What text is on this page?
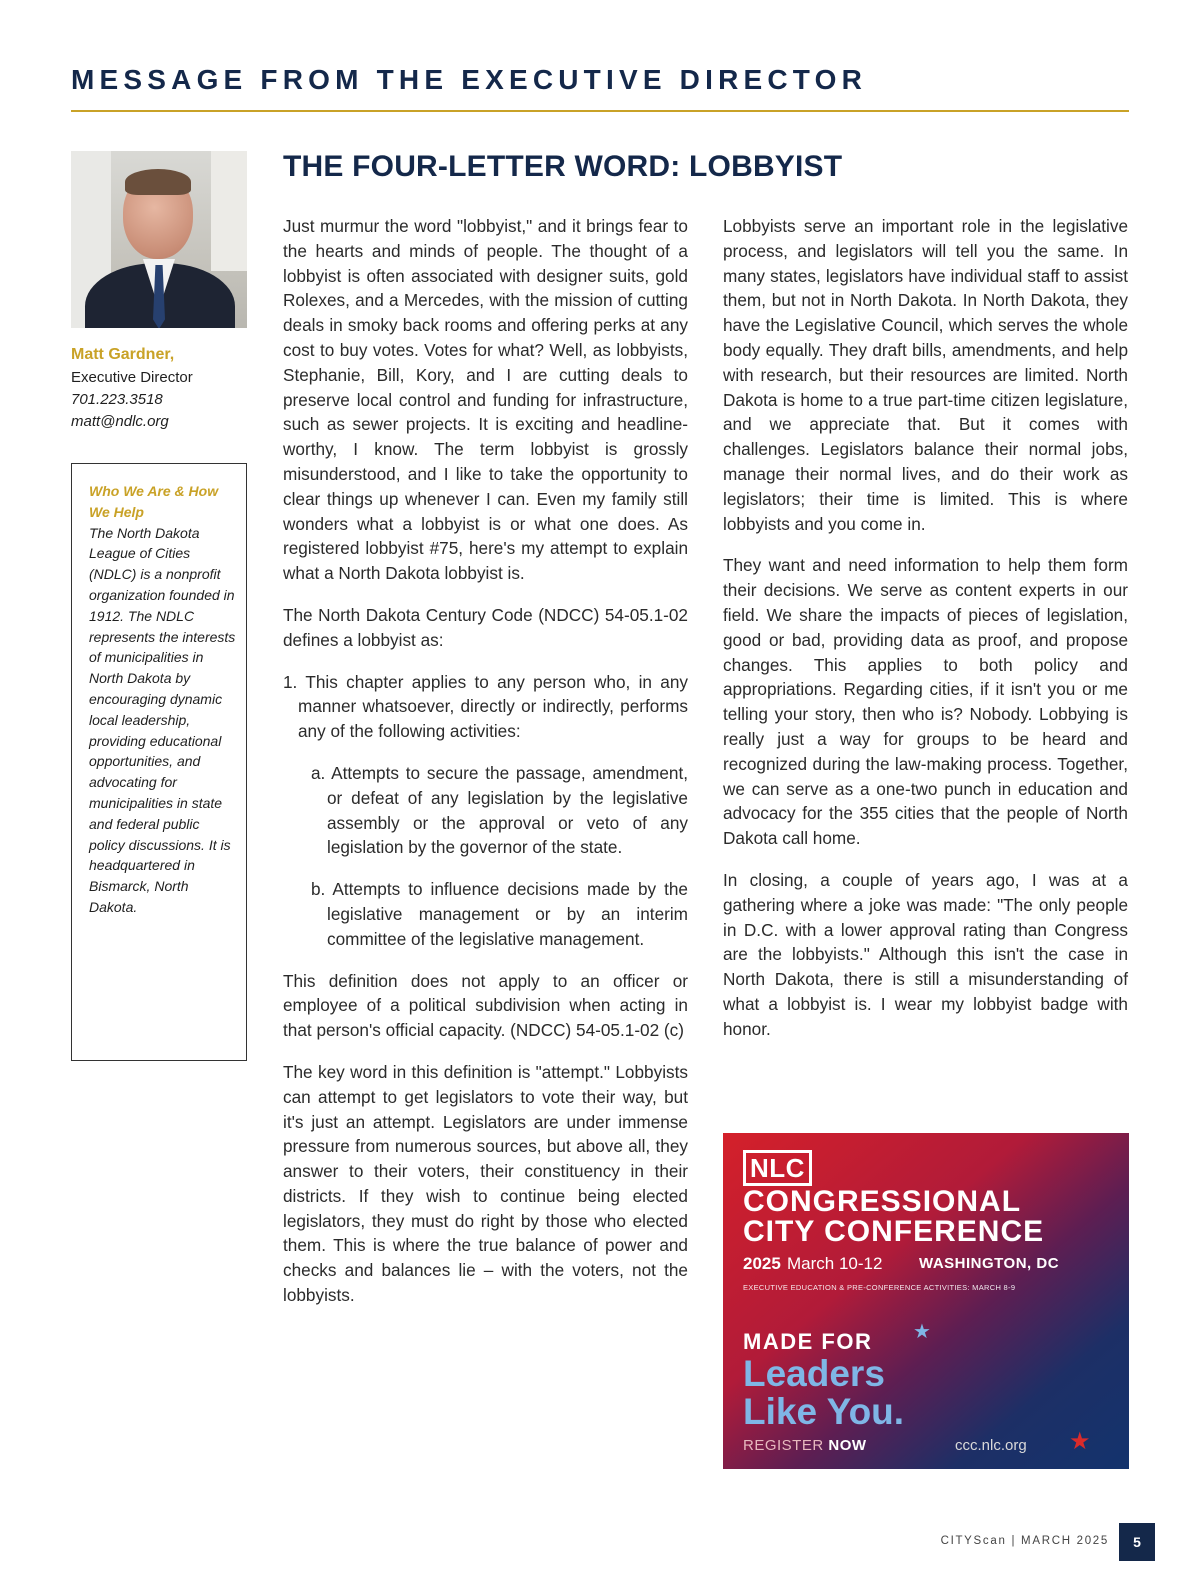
MESSAGE FROM THE EXECUTIVE DIRECTOR
Matt Gardner,
Executive Director
701.223.3518
matt@ndlc.org
Who We Are & How We Help
The North Dakota League of Cities (NDLC) is a nonprofit organization founded in 1912. The NDLC represents the interests of municipalities in North Dakota by encouraging dynamic local leadership, providing educational opportunities, and advocating for municipalities in state and federal public policy discussions. It is headquartered in Bismarck, North Dakota.
THE FOUR-LETTER WORD: LOBBYIST

Just murmur the word "lobbyist," and it brings fear to the hearts and minds of people. The thought of a lobbyist is often associated with designer suits, gold Rolexes, and a Mercedes, with the mission of cutting deals in smoky back rooms and offering perks at any cost to buy votes. Votes for what? Well, as lobbyists, Stephanie, Bill, Kory, and I are cutting deals to preserve local control and funding for infrastructure, such as sewer projects. It is exciting and headline-worthy, I know. The term lobbyist is grossly misunderstood, and I like to take the opportunity to clear things up whenever I can. Even my family still wonders what a lobbyist is or what one does. As registered lobbyist #75, here's my attempt to explain what a North Dakota lobbyist is.

The North Dakota Century Code (NDCC) 54-05.1-02 defines a lobbyist as:

1. This chapter applies to any person who, in any manner whatsoever, directly or indirectly, performs any of the following activities:
a. Attempts to secure the passage, amendment, or defeat of any legislation by the legislative assembly or the approval or veto of any legislation by the governor of the state.
b. Attempts to influence decisions made by the legislative management or by an interim committee of the legislative management.

This definition does not apply to an officer or employee of a political subdivision when acting in that person's official capacity. (NDCC) 54-05.1-02 (c)

The key word in this definition is "attempt." Lobbyists can attempt to get legislators to vote their way, but it's just an attempt. Legislators are under immense pressure from numerous sources, but above all, they answer to their voters, their constituency in their districts. If they wish to continue being elected legislators, they must do right by those who elected them. This is where the true balance of power and checks and balances lie – with the voters, not the lobbyists.

Lobbyists serve an important role in the legislative process, and legislators will tell you the same. In many states, legislators have individual staff to assist them, but not in North Dakota. In North Dakota, they have the Legislative Council, which serves the whole body equally. They draft bills, amendments, and help with research, but their resources are limited. North Dakota is home to a true part-time citizen legislature, and we appreciate that. But it comes with challenges. Legislators balance their normal jobs, manage their normal lives, and do their work as legislators; their time is limited. This is where lobbyists and you come in.

They want and need information to help them form their decisions. We serve as content experts in our field. We share the impacts of pieces of legislation, good or bad, providing data as proof, and propose changes. This applies to both policy and appropriations. Regarding cities, if it isn't you or me telling your story, then who is? Nobody. Lobbying is really just a way for groups to be heard and recognized during the law-making process. Together, we can serve as a one-two punch in education and advocacy for the 355 cities that the people of North Dakota call home.

In closing, a couple of years ago, I was at a gathering where a joke was made: "The only people in D.C. with a lower approval rating than Congress are the lobbyists." Although this isn't the case in North Dakota, there is still a misunderstanding of what a lobbyist is. I wear my lobbyist badge with honor.

NLC
CONGRESSIONAL
CITY CONFERENCE
2025 March 10-12 WASHINGTON, DC
EXECUTIVE EDUCATION & PRE-CONFERENCE ACTIVITIES: MARCH 8-9
MADE FOR ★
Leaders
Like You.
REGISTER NOW	ccc.nlc.org ★
CITYScan | MARCH 2025	5
